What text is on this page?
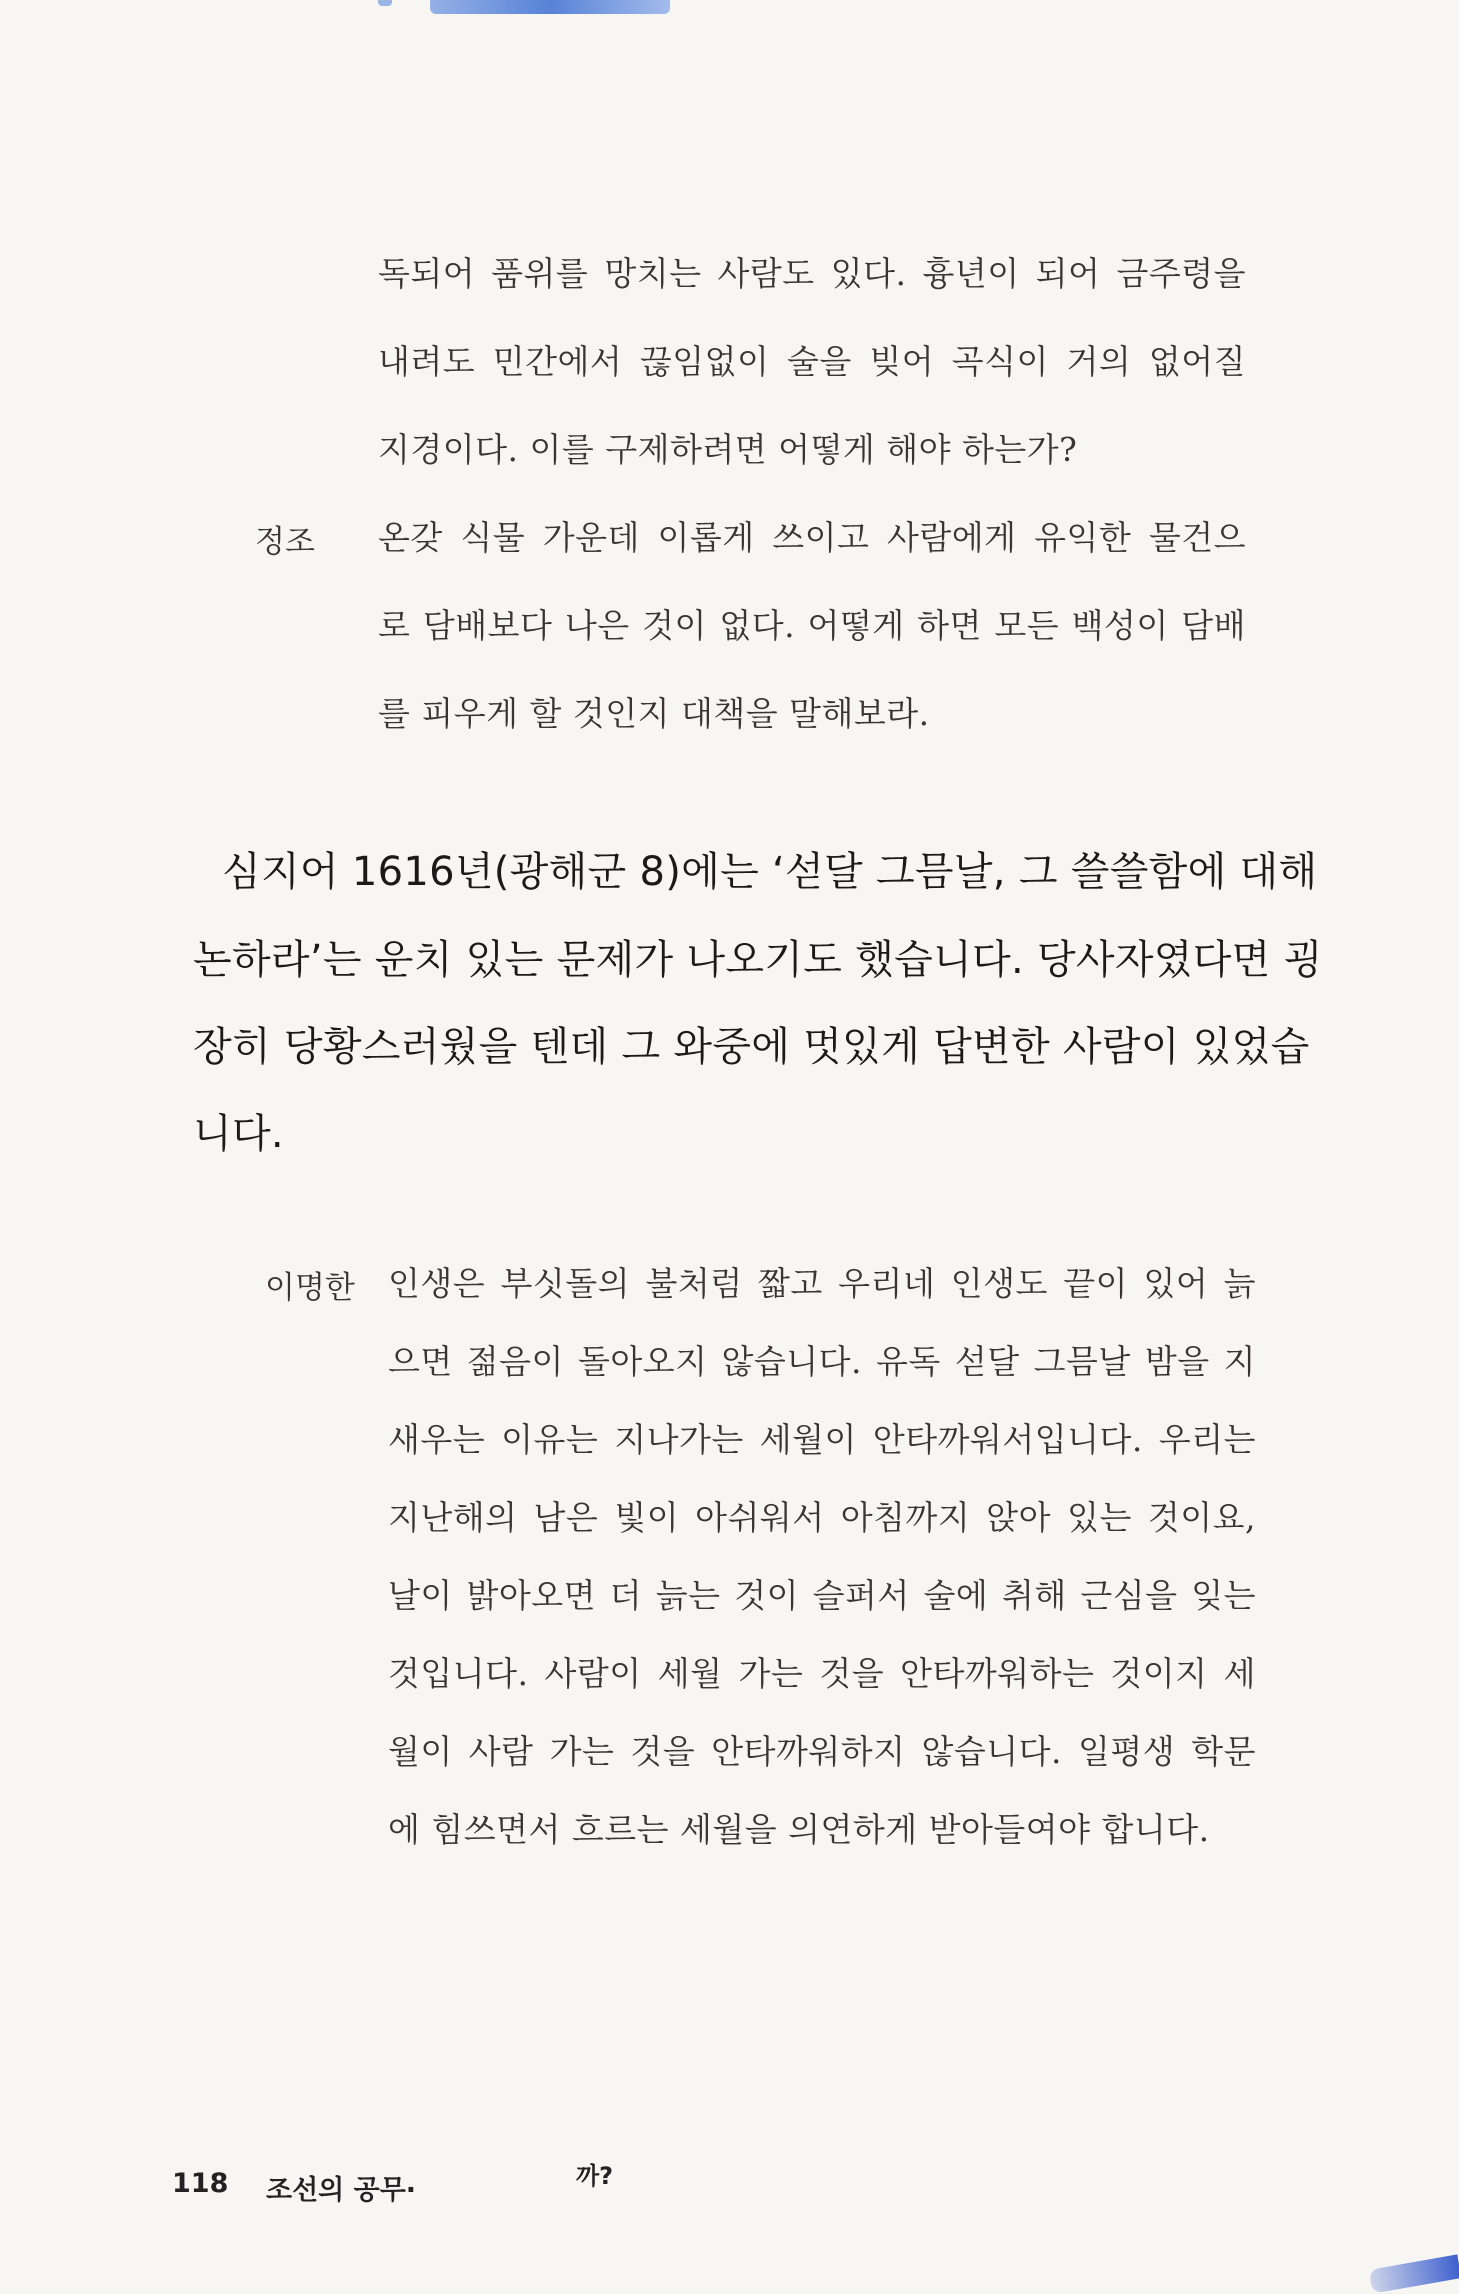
독되어 품위를 망치는 사람도 있다. 흉년이 되어 금주령을
내려도 민간에서 끊임없이 술을 빚어 곡식이 거의 없어질
지경이다. 이를 구제하려면 어떻게 해야 하는가?
정조 온갖 식물 가운데 이롭게 쓰이고 사람에게 유익한 물건으
로 담배보다 나은 것이 없다. 어떻게 하면 모든 백성이 담배
를 피우게 할 것인지 대책을 말해보라.
심지어 1616년(광해군 8)에는 ‘섣달 그믐날, 그 쓸쓸함에 대해
논하라’는 운치 있는 문제가 나오기도 했습니다. 당사자였다면 굉
장히 당황스러웠을 텐데 그 와중에 멋있게 답변한 사람이 있었습
니다.
이명한 인생은 부싯돌의 불처럼 짧고 우리네 인생도 끝이 있어 늙
으면 젊음이 돌아오지 않습니다. 유독 섣달 그믐날 밤을 지
새우는 이유는 지나가는 세월이 안타까워서입니다. 우리는
지난해의 남은 빛이 아쉬워서 아침까지 앉아 있는 것이요,
날이 밝아오면 더 늙는 것이 슬퍼서 술에 취해 근심을 잊는
것입니다. 사람이 세월 가는 것을 안타까워하는 것이지 세
월이 사람 가는 것을 안타까워하지 않습니다. 일평생 학문
에 힘쓰면서 흐르는 세월을 의연하게 받아들여야 합니다.
118 조선의 공무·	까?
